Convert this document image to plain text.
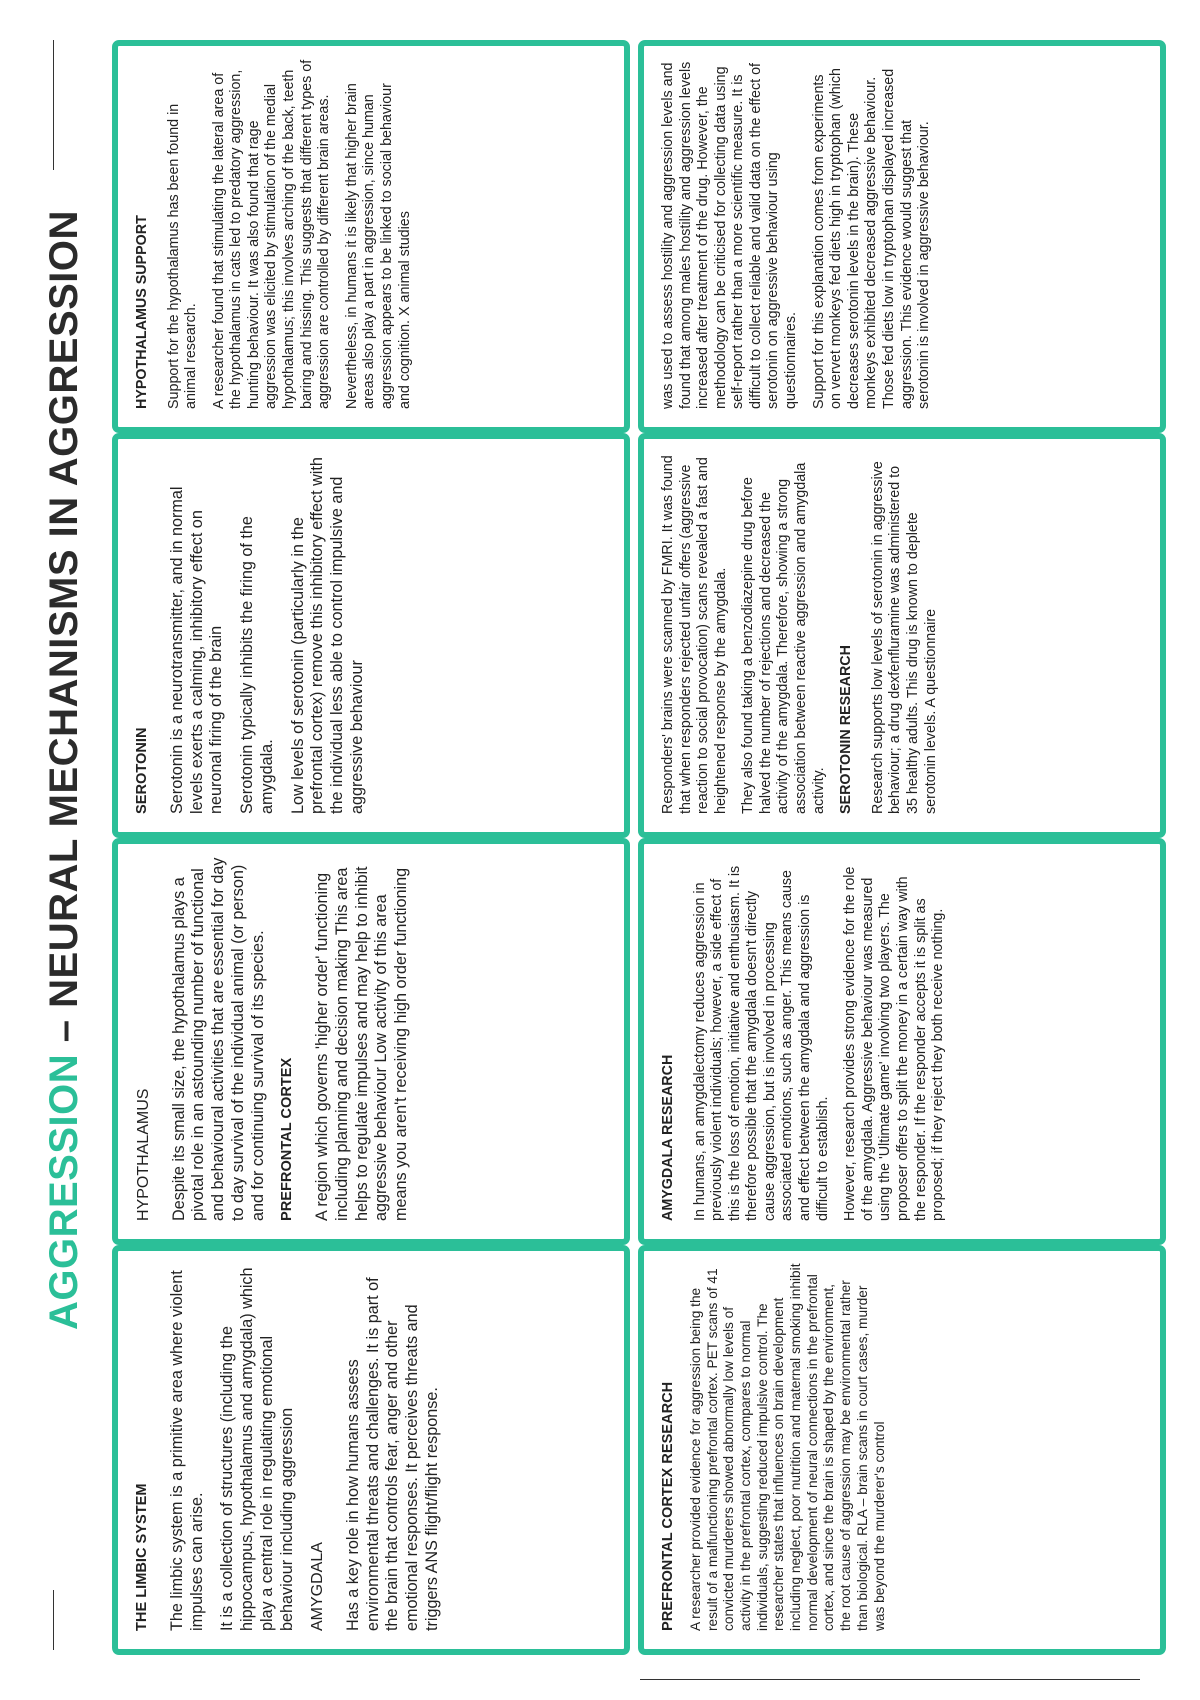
AGGRESSION – NEURAL MECHANISMS IN AGGRESSION

THE LIMBIC SYSTEM The limbic system is a primitive area where violent impulses can arise. It is a collection of structures (including the hippocampus, hypothalamus and amygdala) which play a central role in regulating emotional behaviour including aggression AMYGDALA Has a key role in how humans assess environmental threats and challenges. It is part of the brain that controls fear, anger and other emotional responses. It perceives threats and triggers ANS flight/flight response.

HYPOTHALAMUS Despite its small size, the hypothalamus plays a pivotal role in an astounding number of functional and behavioural activities that are essential for day to day survival of the individual animal (or person) and for continuing survival of its species. PREFRONTAL CORTEX A region which governs 'higher order' functioning including planning and decision making This area helps to regulate impulses and may help to inhibit aggressive behaviour Low activity of this area means you aren't receiving high order functioning

SEROTONIN Serotonin is a neurotransmitter, and in normal levels exerts a calming, inhibitory effect on neuronal firing of the brain Serotonin typically inhibits the firing of the amygdala. Low levels of serotonin (particularly in the prefrontal cortex) remove this inhibitory effect with the individual less able to control impulsive and aggressive behaviour

HYPOTHALAMUS SUPPORT Support for the hypothalamus has been found in animal research. A researcher found that stimulating the lateral area of the hypothalamus in cats led to predatory aggression, hunting behaviour. It was also found that rage aggression was elicited by stimulation of the medial hypothalamus; this involves arching of the back, teeth baring and hissing. This suggests that different types of aggression are controlled by different brain areas. Nevertheless, in humans it is likely that higher brain areas also play a part in aggression, since human aggression appears to be linked to social behaviour and cognition. X animal studies

PREFRONTAL CORTEX RESEARCH A researcher provided evidence for aggression being the result of a malfunctioning prefrontal cortex. PET scans of 41 convicted murderers showed abnormally low levels of activity in the prefrontal cortex, compares to normal individuals, suggesting reduced impulsive control. The researcher states that influences on brain development including neglect, poor nutrition and maternal smoking inhibit normal development of neural connections in the prefrontal cortex, and since the brain is shaped by the environment, the root cause of aggression may be environmental rather than biological. RLA – brain scans in court cases, murder was beyond the murderer's control

AMYGDALA RESEARCH In humans, an amygdalectomy reduces aggression in previously violent individuals; however, a side effect of this is the loss of emotion, initiative and enthusiasm. It is therefore possible that the amygdala doesn't directly cause aggression, but is involved in processing associated emotions, such as anger. This means cause and effect between the amygdala and aggression is difficult to establish. However, research provides strong evidence for the role of the amygdala. Aggressive behaviour was measured using the 'Ultimate game' involving two players. The proposer offers to split the money in a certain way with the responder. If the responder accepts it is split as proposed; if they reject they both receive nothing.

Responders' brains were scanned by FMRI. It was found that when responders rejected unfair offers (aggressive reaction to social provocation) scans revealed a fast and heightened response by the amygdala. They also found taking a benzodiazepine drug before halved the number of rejections and decreased the activity of the amygdala. Therefore, showing a strong association between reactive aggression and amygdala activity. SEROTONIN RESEARCH Research supports low levels of serotonin in aggressive behaviour; a drug dexfenfluramine was administered to 35 healthy adults. This drug is known to deplete serotonin levels. A questionnaire

was used to assess hostility and aggression levels and found that among males hostility and aggression levels increased after treatment of the drug. However, the methodology can be criticised for collecting data using self-report rather than a more scientific measure. It is difficult to collect reliable and valid data on the effect of serotonin on aggressive behaviour using questionnaires. Support for this explanation comes from experiments on vervet monkeys fed diets high in tryptophan (which decreases serotonin levels in the brain). These monkeys exhibited decreased aggressive behaviour. Those fed diets low in tryptophan displayed increased aggression. This evidence would suggest that serotonin is involved in aggressive behaviour.
